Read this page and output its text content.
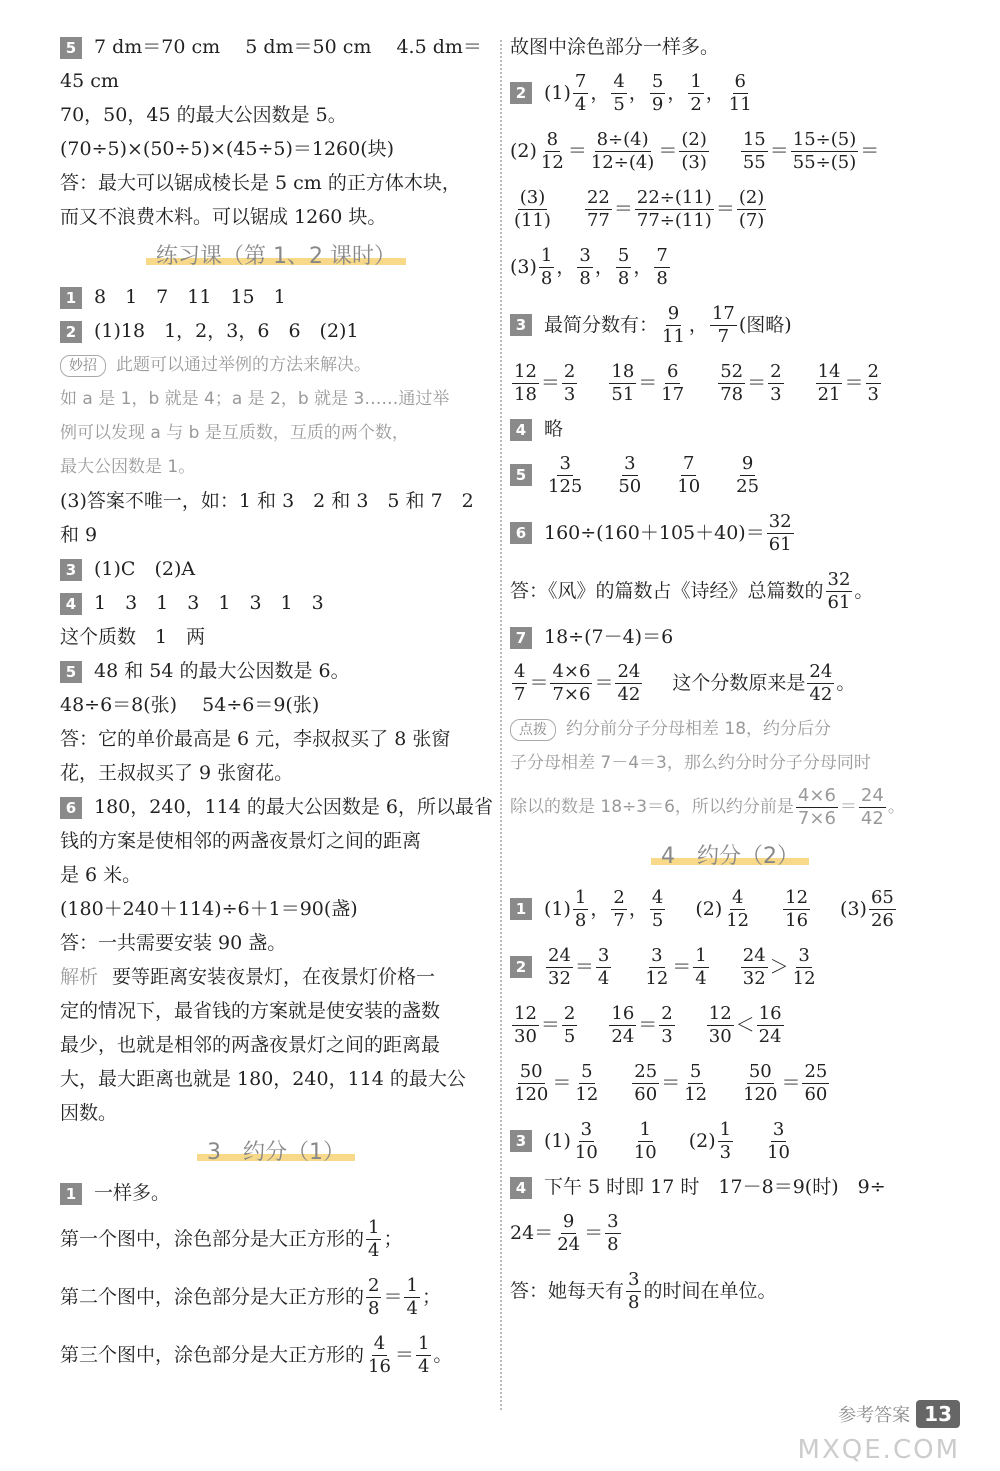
5 7 dm＝70 cm　 5 dm＝50 cm　 4.5 dm＝
45 cm
70，50，45 的最大公因数是 5。
(70÷5)×(50÷5)×(45÷5)＝1260(块)
答：最大可以锯成棱长是 5 cm 的正方体木块，
而又不浪费木料。可以锯成 1260 块。
练习课（第 1、2 课时）
1 8　1　7　11　15　1
2 (1)18　1，2，3，6　6　(2)1
妙招 此题可以通过举例的方法来解决。
如 a 是 1，b 就是 4；a 是 2，b 就是 3……通过举
例可以发现 a 与 b 是互质数，互质的两个数，
最大公因数是 1。
(3)答案不唯一，如：1 和 3　2 和 3　5 和 7　2
和 9
3 (1)C　(2)A
4 1　3　1　3　1　3　1　3
这个质数　1　两
5 48 和 54 的最大公因数是 6。
48÷6＝8(张)　 54÷6＝9(张)
答：它的单价最高是 6 元，李叔叔买了 8 张窗
花，王叔叔买了 9 张窗花。
6 180，240，114 的最大公因数是 6，所以最省
钱的方案是使相邻的两盏夜景灯之间的距离
是 6 米。
(180＋240＋114)÷6＋1＝90(盏)
答：一共需要安装 90 盏。
解析 要等距离安装夜景灯，在夜景灯价格一
定的情况下，最省钱的方案就是使安装的盏数
最少，也就是相邻的两盏夜景灯之间的距离最
大，最大距离也就是 180，240，114 的最大公
因数。
3　约分（1）
1 一样多。
第一个图中，涂色部分是大正方形的 $\frac{1}{4}$ ；
第二个图中，涂色部分是大正方形的 $\frac{2}{8} = \frac{1}{4}$ ；
第三个图中，涂色部分是大正方形的 $\frac{4}{16} = \frac{1}{4}$ 。
故图中涂色部分一样多。
2 $(1) \frac{7}{4}$ ， $\frac{4}{5}$ ， $\frac{5}{9}$ ， $\frac{1}{2}$ ， $\frac{6}{11}$
$(2) \frac{8}{12} = \frac{8\div(4)}{12\div(4)} = \frac{(2)}{(3)} \frac{15}{55} = \frac{15\div(5)}{55\div(5)}$ ＝
$\frac{(3)}{(11)} \frac{22}{77} = \frac{22\div(11)}{77\div(11)} = \frac{(2)}{(7)}$
$(3) \frac{1}{8}$ ， $\frac{3}{8}$ ， $\frac{5}{8}$ ， $\frac{7}{8}$
3 最简分数有： $\frac{9}{11}$ ， $\frac{17}{7}$ (图略)
$\frac{12}{18} = \frac{2}{3} \frac{18}{51} = \frac{6}{17} \frac{52}{78} = \frac{2}{3} \frac{14}{21} = \frac{2}{3}$
4 略
5	$\frac{3}{125} \frac{3}{50} \frac{7}{10} \frac{9}{25}$
6 $160\div(160+105+40)= \frac{32}{61}$
答：《风》的篇数占《诗经》总篇数的 $\frac{32}{61}$ 。
7 18÷(7－4)＝6
$\frac{4}{7} = \frac{4\times 6}{7\times 6} = \frac{24}{42}$ 这个分数原来是 $\frac{24}{42}$ 。
点拨 约分前分子分母相差 18，约分后分
子分母相差 7－4＝3，那么约分时分子分母同时
除以的数是 18÷3＝6，所以约分前是 $\frac{4\times 6}{7\times 6} = \frac{24}{42}$ 。
4　约分（2）
1 $(1) \frac{1}{8}$ ， $\frac{2}{7}$ ， $\frac{4}{5} (2) \frac{4}{12} \frac{12}{16} (3) \frac{65}{26}$
2	$\frac{24}{32} = \frac{3}{4} \frac{3}{12} = \frac{1}{4} \frac{24}{32} > \frac{3}{12}$
$\frac{12}{30} = \frac{2}{5} \frac{16}{24} = \frac{2}{3} \frac{12}{30} < \frac{16}{24}$
$\frac{50}{120} = \frac{5}{12} \frac{25}{60} = \frac{5}{12} \frac{50}{120} = \frac{25}{60}$
3 $(1) \frac{3}{10} \frac{1}{10} (2) \frac{1}{3} \frac{3}{10}$
4 下午 5 时即 17 时　17－8＝9(时)　9÷
$24= \frac{9}{24} = \frac{3}{8}$
答：她每天有 $\frac{3}{8}$ 的时间在单位。
参考答案 13
MXQE.COM
